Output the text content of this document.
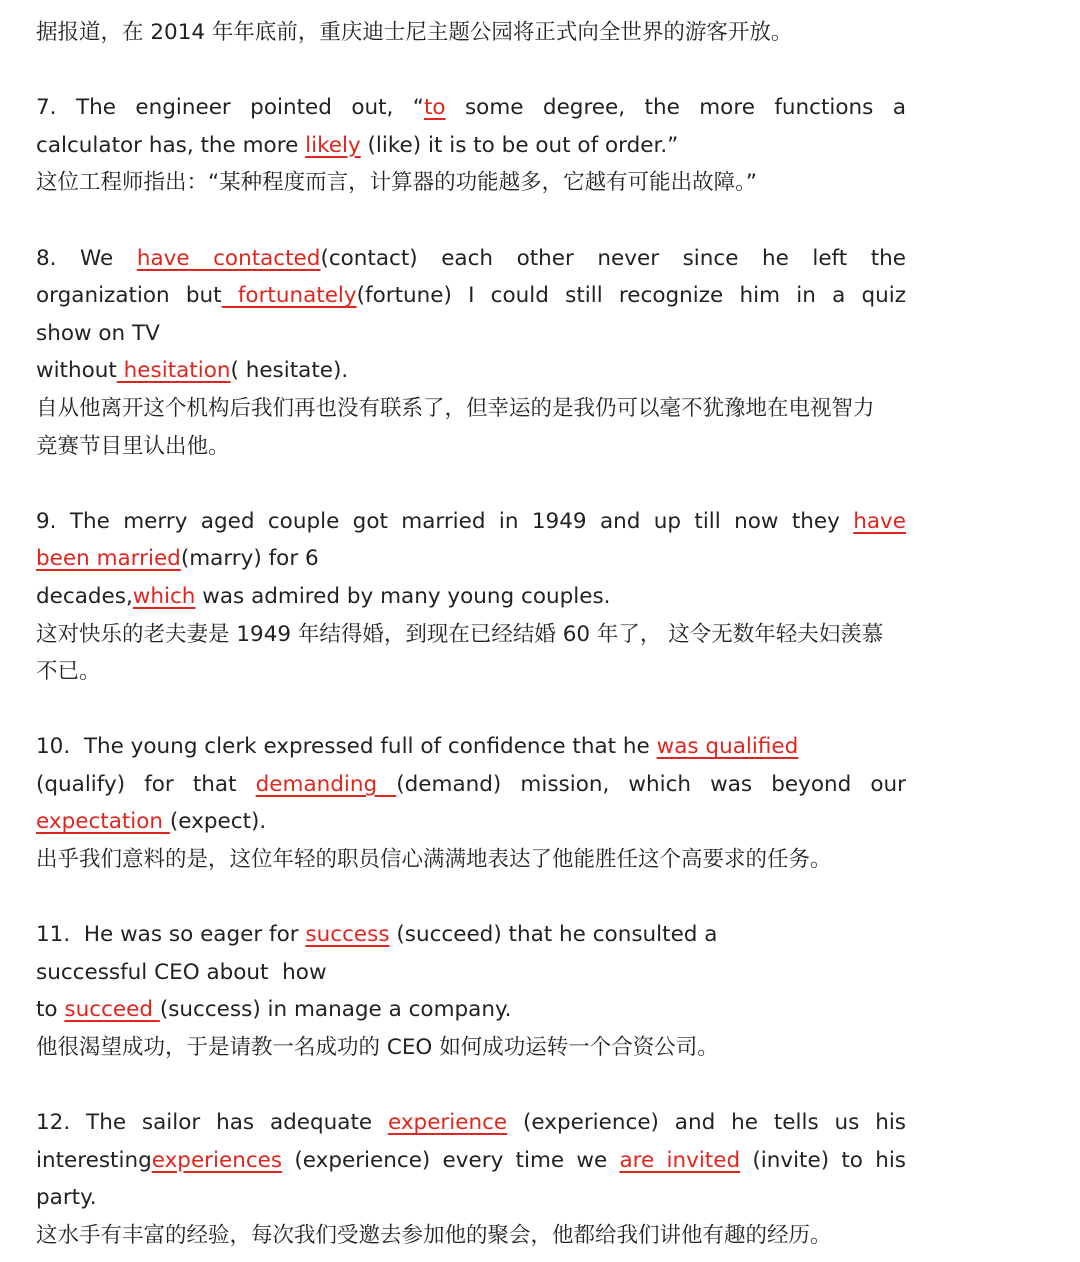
据报道，在 2014 年年底前，重庆迪士尼主题公园将正式向全世界的游客开放。
7. The engineer pointed out, “to some degree, the more functions a
calculator has, the more likely (like) it is to be out of order.”
这位工程师指出：“某种程度而言，计算器的功能越多，它越有可能出故障。”
8. We have contacted(contact) each other never since he left the
organization but fortunately(fortune) I could still recognize him in a quiz
show on TV
without hesitation( hesitate).
自从他离开这个机构后我们再也没有联系了，但幸运的是我仍可以毫不犹豫地在电视智力
竞赛节目里认出他。
9. The merry aged couple got married in 1949 and up till now they have
been married(marry) for 6
decades,which was admired by many young couples.
这对快乐的老夫妻是 1949 年结得婚，到现在已经结婚 60 年了， 这令无数年轻夫妇羡慕
不已。
10.  The young clerk expressed full of confidence that he was qualified
(qualify) for that demanding (demand) mission, which was beyond our
expectation (expect).
出乎我们意料的是，这位年轻的职员信心满满地表达了他能胜任这个高要求的任务。
11.  He was so eager for success (succeed) that he consulted a
successful CEO about  how
to succeed (success) in manage a company.
他很渴望成功，于是请教一名成功的 CEO 如何成功运转一个合资公司。
12. The sailor has adequate experience (experience) and he tells us his
interestingexperiences (experience) every time we are invited (invite) to his
party.
这水手有丰富的经验，每次我们受邀去参加他的聚会，他都给我们讲他有趣的经历。
